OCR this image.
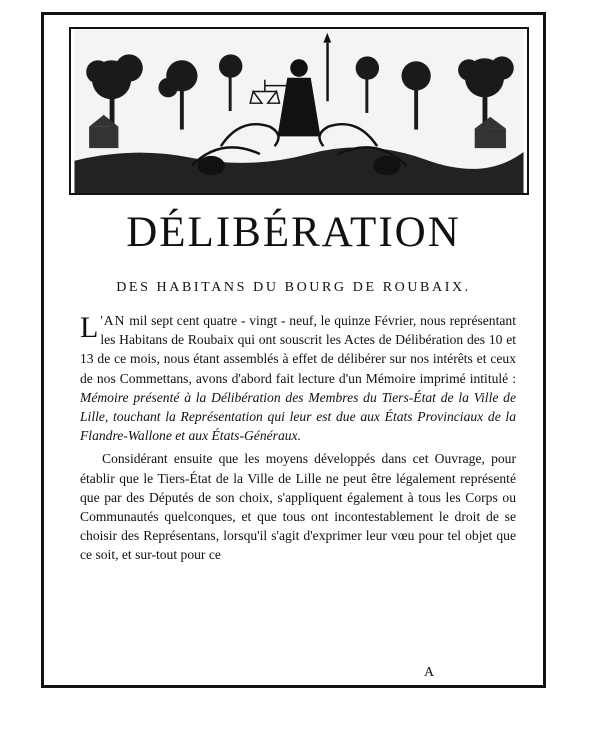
DÉLIBÉRATION
DES HABITANS DU BOURG DE ROUBAIX.

L 'AN mil sept cent quatre - vingt - neuf, le quinze Février, nous représentant les Habitans de Roubaix qui ont souscrit les Actes de Délibération des 10 et 13 de ce mois, nous étant assemblés à effet de délibérer sur nos intérêts et ceux de nos Commettans, avons d'abord fait lecture d'un Mémoire imprimé intitulé : Mémoire présenté à la Délibération des Membres du Tiers-État de la Ville de Lille, touchant la Représentation qui leur est due aux États Provinciaux de la Flandre-Wallone et aux États-Généraux.

Considérant ensuite que les moyens développés dans cet Ouvrage, pour établir que le Tiers-État de la Ville de Lille ne peut être légalement représenté que par des Députés de son choix, s'appliquent également à tous les Corps ou Communautés quelconques, et que tous ont incontestablement le droit de se choisir des Représentans, lorsqu'il s'agit d'exprimer leur vœu pour tel objet que ce soit, et sur-tout pour ce

A
